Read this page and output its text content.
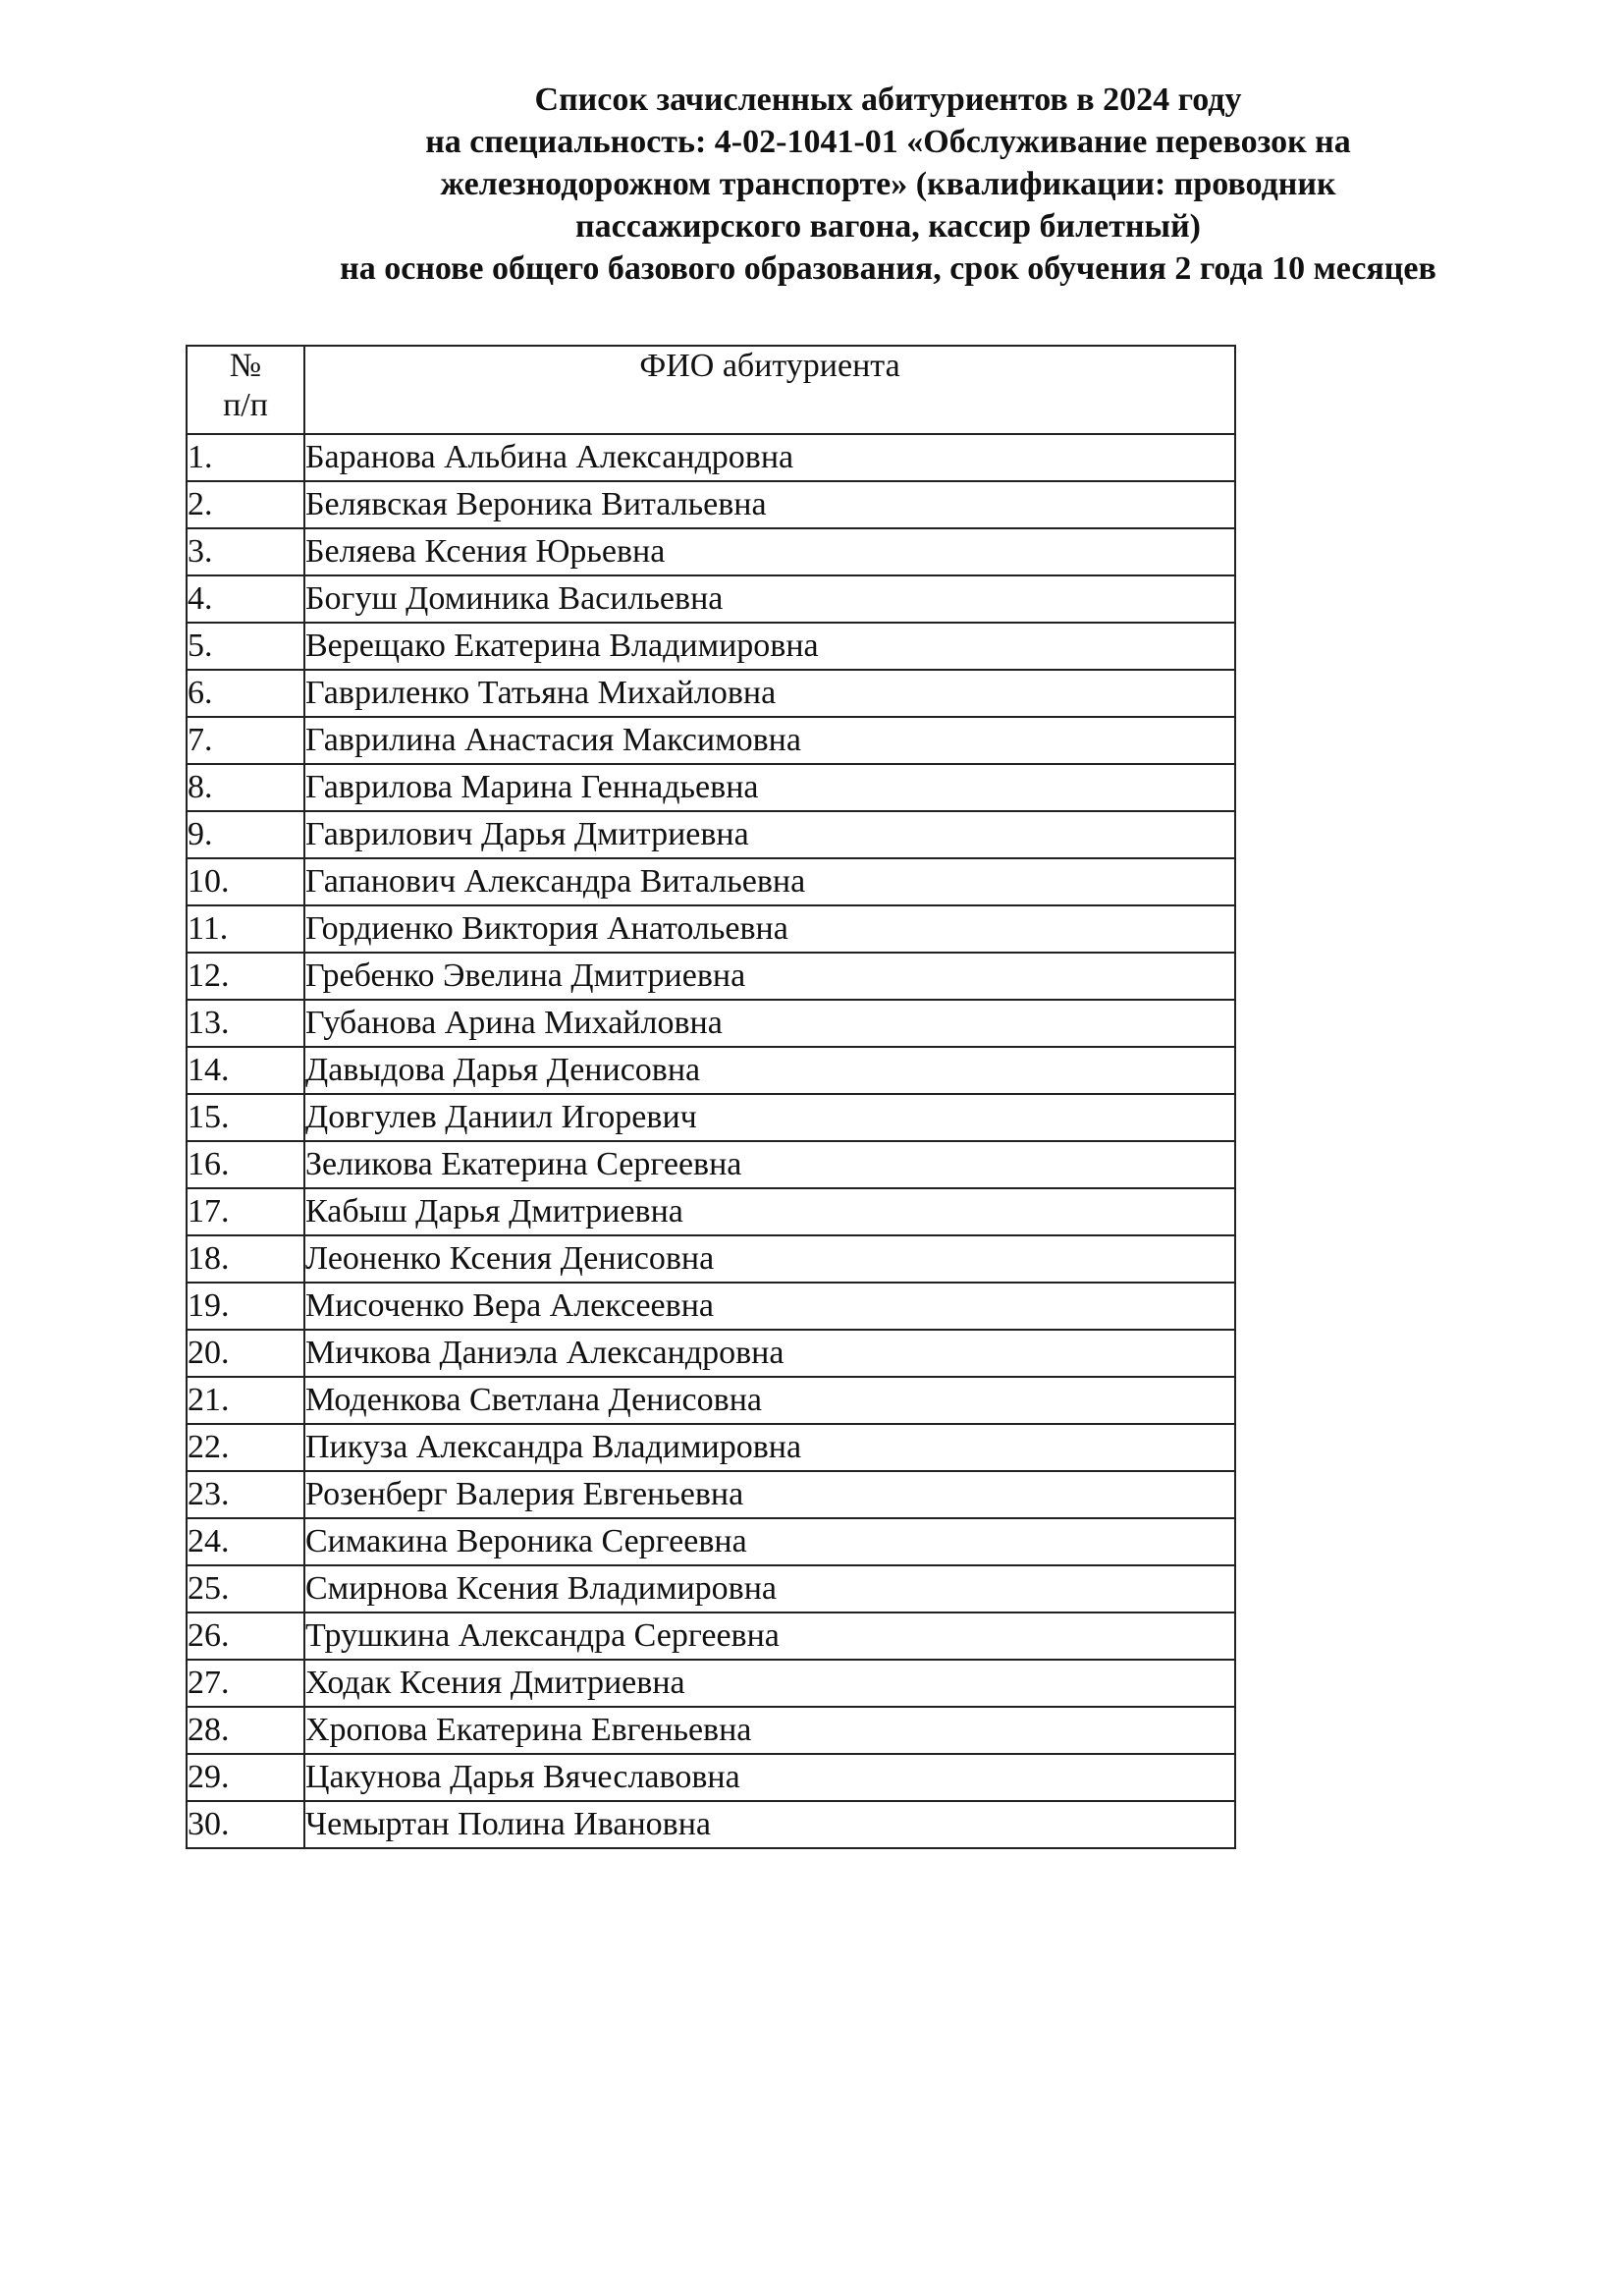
Список зачисленных абитуриентов в 2024 году
на специальность: 4-02-1041-01 «Обслуживание перевозок на
железнодорожном транспорте» (квалификации: проводник
пассажирского вагона, кассир билетный)
на основе общего базового образования, срок обучения 2 года 10 месяцев
№
п/п	ФИО абитуриента
1.	Баранова Альбина Александровна
2.	Белявская Вероника Витальевна
3.	Беляева Ксения Юрьевна
4.	Богуш Доминика Васильевна
5.	Верещако Екатерина Владимировна
6.	Гавриленко Татьяна Михайловна
7.	Гаврилина Анастасия Максимовна
8.	Гаврилова Марина Геннадьевна
9.	Гаврилович Дарья Дмитриевна
10.	Гапанович Александра Витальевна
11.	Гордиенко Виктория Анатольевна
12.	Гребенко Эвелина Дмитриевна
13.	Губанова Арина Михайловна
14.	Давыдова Дарья Денисовна
15.	Довгулев Даниил Игоревич
16.	Зеликова Екатерина Сергеевна
17.	Кабыш Дарья Дмитриевна
18.	Леоненко Ксения Денисовна
19.	Мисоченко Вера Алексеевна
20.	Мичкова Даниэла Александровна
21.	Моденкова Светлана Денисовна
22.	Пикуза Александра Владимировна
23.	Розенберг Валерия Евгеньевна
24.	Симакина Вероника Сергеевна
25.	Смирнова Ксения Владимировна
26.	Трушкина Александра Сергеевна
27.	Ходак Ксения Дмитриевна
28.	Хропова Екатерина Евгеньевна
29.	Цакунова Дарья Вячеславовна
30.	Чемыртан Полина Ивановна
